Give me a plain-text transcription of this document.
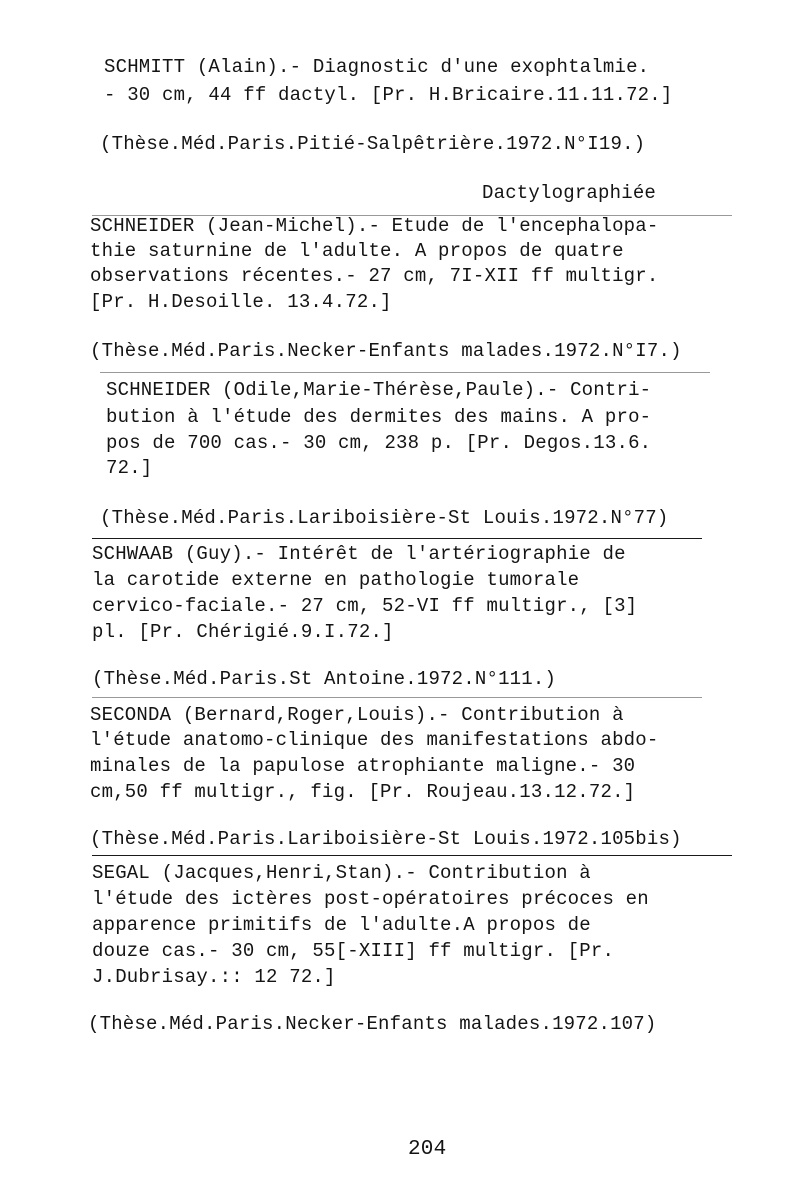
SCHMITT (Alain).- Diagnostic d'une exophtalmie.
- 30 cm, 44 ff dactyl. [Pr. H.Bricaire.11.11.72.]
(Thèse.Méd.Paris.Pitié-Salpêtrière.1972.N°I19.)
Dactylographiée
SCHNEIDER (Jean-Michel).- Etude de l'encephalopa-
thie saturnine de l'adulte. A propos de quatre
observations récentes.- 27 cm, 7I-XII ff multigr.
[Pr. H.Desoille. 13.4.72.]
(Thèse.Méd.Paris.Necker-Enfants malades.1972.N°I7.)
SCHNEIDER (Odile,Marie-Thérèse,Paule).- Contri-
bution à l'étude des dermites des mains. A pro-
pos de 700 cas.- 30 cm, 238 p. [Pr. Degos.13.6.
72.]
(Thèse.Méd.Paris.Lariboisière-St Louis.1972.N°77)
SCHWAAB (Guy).- Intérêt de l'artériographie de
la carotide externe en pathologie tumorale
cervico-faciale.- 27 cm, 52-VI ff multigr., [3]
pl. [Pr. Chérigié.9.I.72.]
(Thèse.Méd.Paris.St Antoine.1972.N°111.)
SECONDA (Bernard,Roger,Louis).- Contribution à
l'étude anatomo-clinique des manifestations abdo-
minales de la papulose atrophiante maligne.- 30
cm,50 ff multigr., fig. [Pr. Roujeau.13.12.72.]
(Thèse.Méd.Paris.Lariboisière-St Louis.1972.105bis)
SEGAL (Jacques,Henri,Stan).- Contribution à
l'étude des ictères post-opératoires précoces en
apparence primitifs de l'adulte.A propos de
douze cas.- 30 cm, 55[-XIII] ff multigr. [Pr.
J.Dubrisay.:: 12 72.]
(Thèse.Méd.Paris.Necker-Enfants malades.1972.107)
204
